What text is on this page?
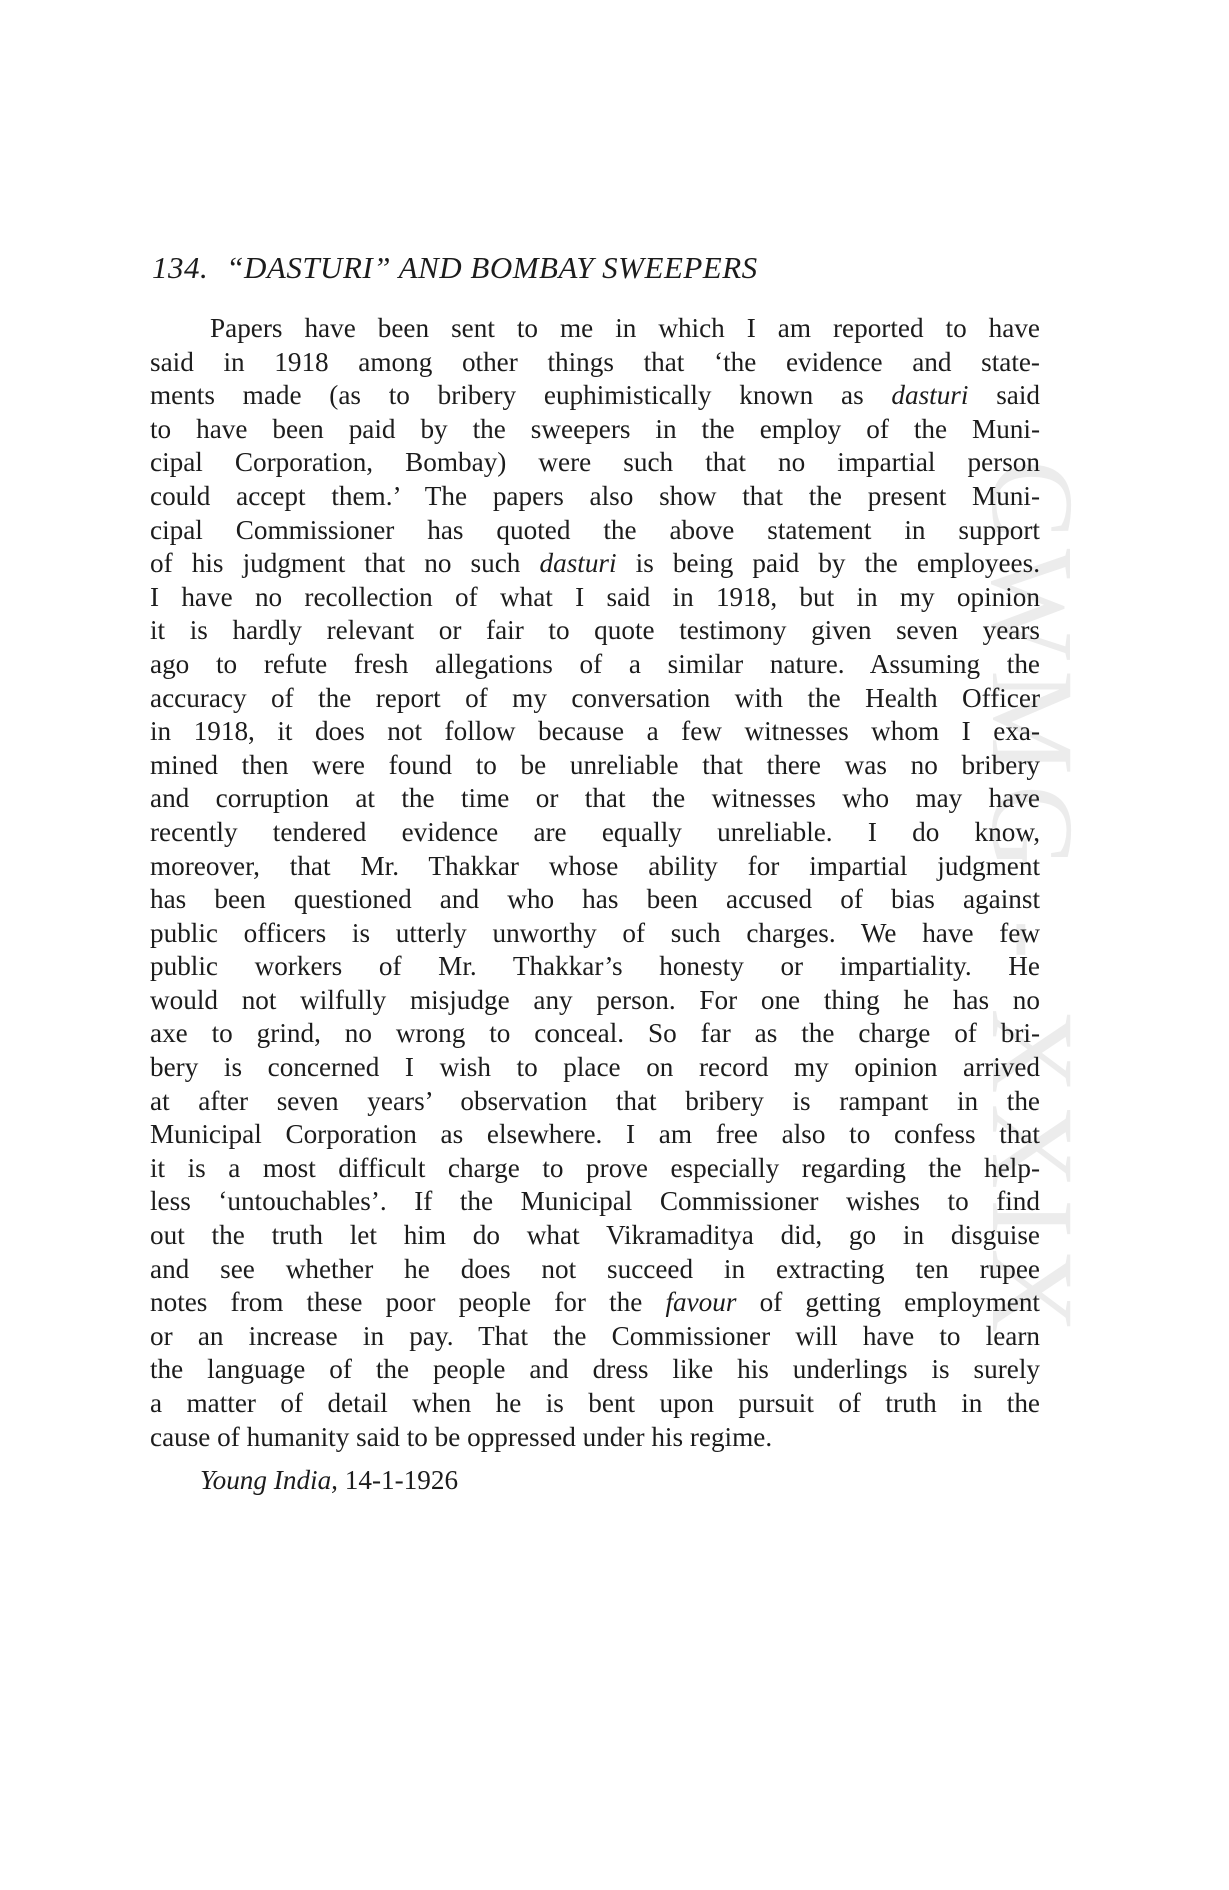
CWMG - XXIX
134. “DASTURI” AND BOMBAY SWEEPERS
Papers have been sent to me in which I am reported to have
said in 1918 among other things that ‘the evidence and state-
ments made (as to bribery euphimistically known as dasturi said
to have been paid by the sweepers in the employ of the Muni-
cipal Corporation, Bombay) were such that no impartial person
could accept them.’ The papers also show that the present Muni-
cipal Commissioner has quoted the above statement in support
of his judgment that no such dasturi is being paid by the employees.
I have no recollection of what I said in 1918, but in my opinion
it is hardly relevant or fair to quote testimony given seven years
ago to refute fresh allegations of a similar nature. Assuming the
accuracy of the report of my conversation with the Health Officer
in 1918, it does not follow because a few witnesses whom I exa-
mined then were found to be unreliable that there was no bribery
and corruption at the time or that the witnesses who may have
recently tendered evidence are equally unreliable. I do know,
moreover, that Mr. Thakkar whose ability for impartial judgment
has been questioned and who has been accused of bias against
public officers is utterly unworthy of such charges. We have few
public workers of Mr. Thakkar’s honesty or impartiality. He
would not wilfully misjudge any person. For one thing he has no
axe to grind, no wrong to conceal. So far as the charge of bri-
bery is concerned I wish to place on record my opinion arrived
at after seven years’ observation that bribery is rampant in the
Municipal Corporation as elsewhere. I am free also to confess that
it is a most difficult charge to prove especially regarding the help-
less ‘untouchables’. If the Municipal Commissioner wishes to find
out the truth let him do what Vikramaditya did, go in disguise
and see whether he does not succeed in extracting ten rupee
notes from these poor people for the favour of getting employment
or an increase in pay. That the Commissioner will have to learn
the language of the people and dress like his underlings is surely
a matter of detail when he is bent upon pursuit of truth in the
cause of humanity said to be oppressed under his regime.
Young India, 14-1-1926
